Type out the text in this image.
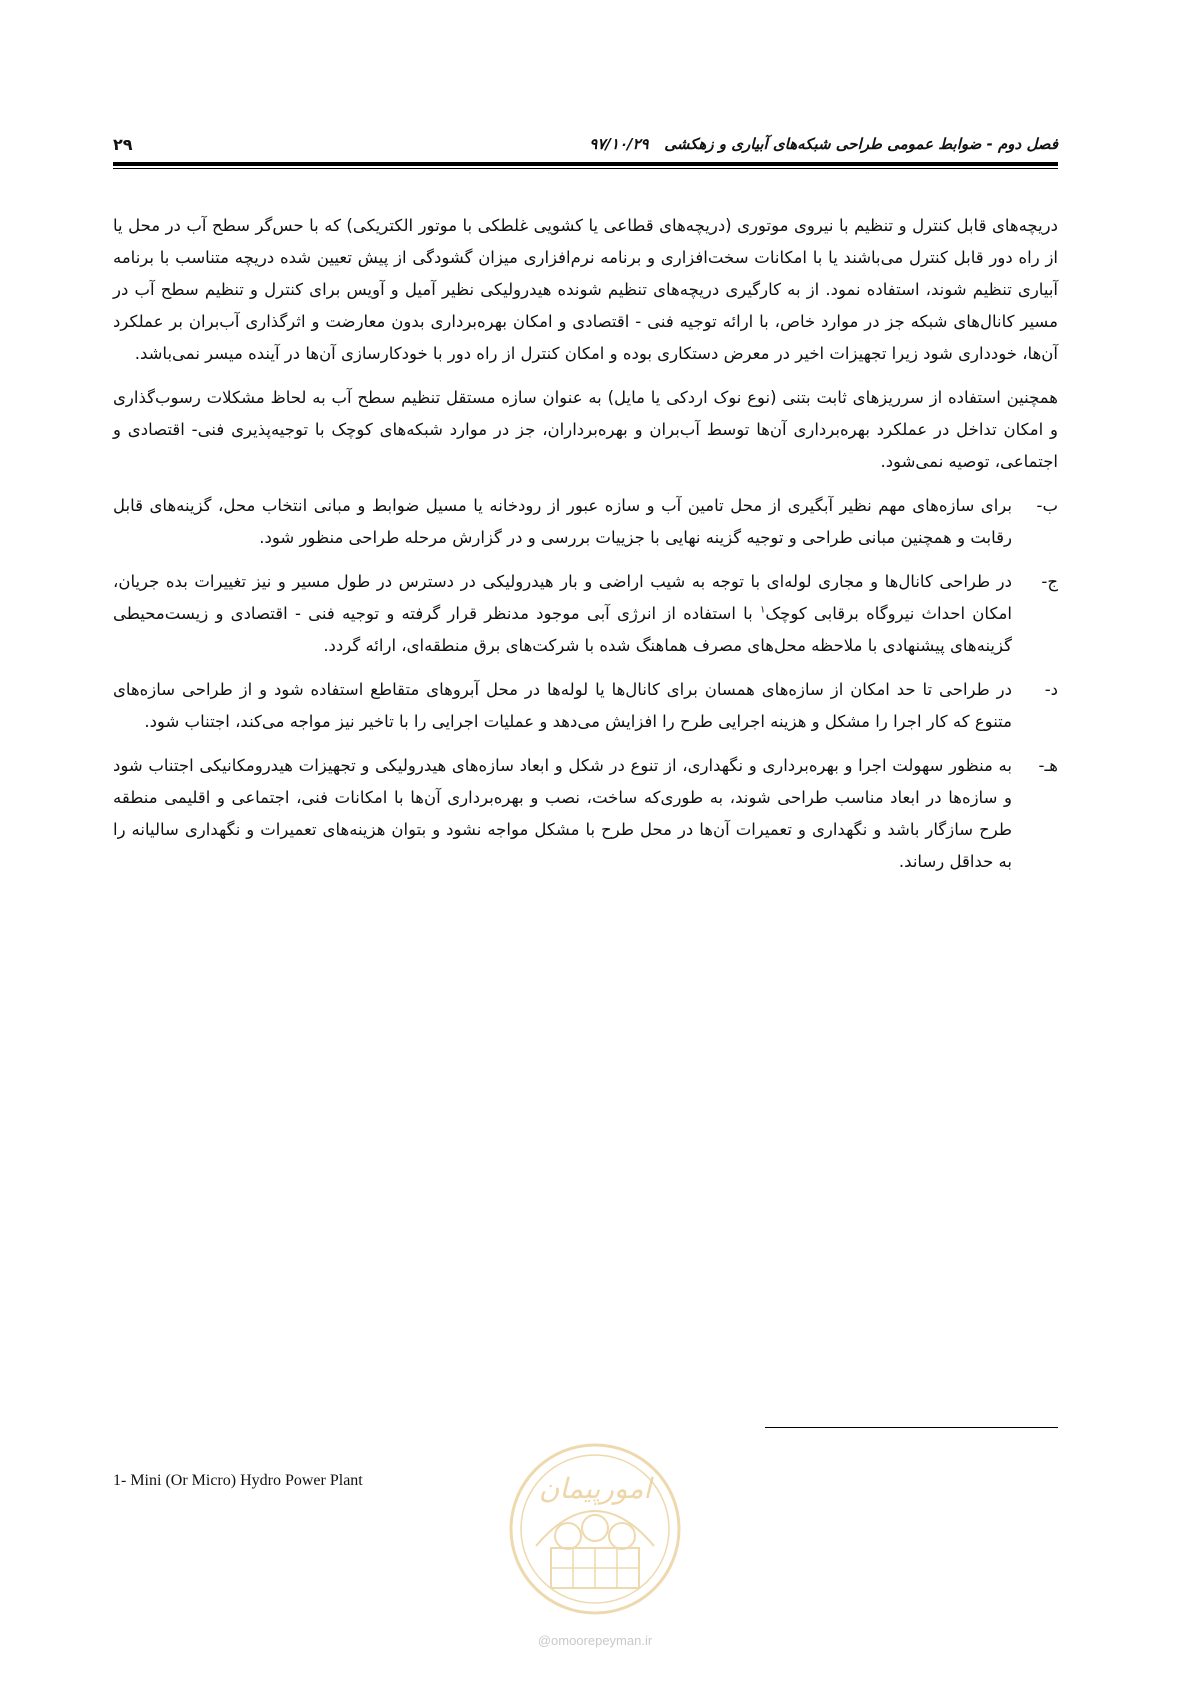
فصل دوم - ضوابط عمومی طراحی شبکه‌های آبیاری و زهکشی   ۹۷/۱۰/۲۹
۲۹

دریچه‌های قابل کنترل و تنظیم با نیروی موتوری (دریچه‌های قطاعی یا کشویی غلطکی با موتور الکتریکی) که با حس‌گر سطح آب در محل یا از راه دور قابل کنترل می‌باشند یا با امکانات سخت‌افزاری و برنامه نرم‌افزاری میزان گشودگی از پیش تعیین شده دریچه متناسب با برنامه آبیاری تنظیم شوند، استفاده نمود. از به کارگیری دریچه‌های تنظیم شونده هیدرولیکی نظیر آمیل و آویس برای کنترل و تنظیم سطح آب در مسیر کانال‌های شبکه جز در موارد خاص، با ارائه توجیه فنی - اقتصادی و امکان بهره‌برداری بدون معارضت و اثرگذاری آب‌بران بر عملکرد آن‌ها، خودداری شود زیرا تجهیزات اخیر در معرض دستکاری بوده و امکان کنترل از راه دور با خودکارسازی آن‌ها در آینده میسر نمی‌باشد.

همچنین استفاده از سرریزهای ثابت بتنی (نوع نوک اردکی یا مایل) به عنوان سازه مستقل تنظیم سطح آب به لحاظ مشکلات رسوب‌گذاری و امکان تداخل در عملکرد بهره‌برداری آن‌ها توسط آب‌بران و بهره‌برداران، جز در موارد شبکه‌های کوچک با توجیه‌پذیری فنی- اقتصادی و اجتماعی، توصیه نمی‌شود.

ب-
برای سازه‌های مهم نظیر آبگیری از محل تامین آب و سازه عبور از رودخانه یا مسیل ضوابط و مبانی انتخاب محل، گزینه‌های قابل رقابت و همچنین مبانی طراحی و توجیه گزینه نهایی با جزییات بررسی و در گزارش مرحله طراحی منظور شود.
ج-
در طراحی کانال‌ها و مجاری لوله‌ای با توجه به شیب اراضی و بار هیدرولیکی در دسترس در طول مسیر و نیز تغییرات بده جریان، امکان احداث نیروگاه برقابی کوچک$^۱$ با استفاده از انرژی آبی موجود مدنظر قرار گرفته و توجیه فنی - اقتصادی و زیست‌محیطی گزینه‌های پیشنهادی با ملاحظه محل‌های مصرف هماهنگ شده با شرکت‌های برق منطقه‌ای، ارائه گردد.
د-
در طراحی تا حد امکان از سازه‌های همسان برای کانال‌ها یا لوله‌ها در محل آبروهای متقاطع استفاده شود و از طراحی سازه‌های متنوع که کار اجرا را مشکل و هزینه اجرایی طرح را افزایش می‌دهد و عملیات اجرایی را با تاخیر نیز مواجه می‌کند، اجتناب شود.
هـ-
به منظور سهولت اجرا و بهره‌برداری و نگهداری، از تنوع در شکل و ابعاد سازه‌های هیدرولیکی و تجهیزات هیدرومکانیکی اجتناب شود و سازه‌ها در ابعاد مناسب طراحی شوند، به طوری‌که ساخت، نصب و بهره‌برداری آن‌ها با امکانات فنی، اجتماعی و اقلیمی منطقه طرح سازگار باشد و نگهداری و تعمیرات آن‌ها در محل طرح با مشکل مواجه نشود و بتوان هزینه‌های تعمیرات و نگهداری سالیانه را به حداقل رساند.
1- Mini (Or Micro) Hydro Power Plant	امورپیمان
@omoorepeyman.ir
